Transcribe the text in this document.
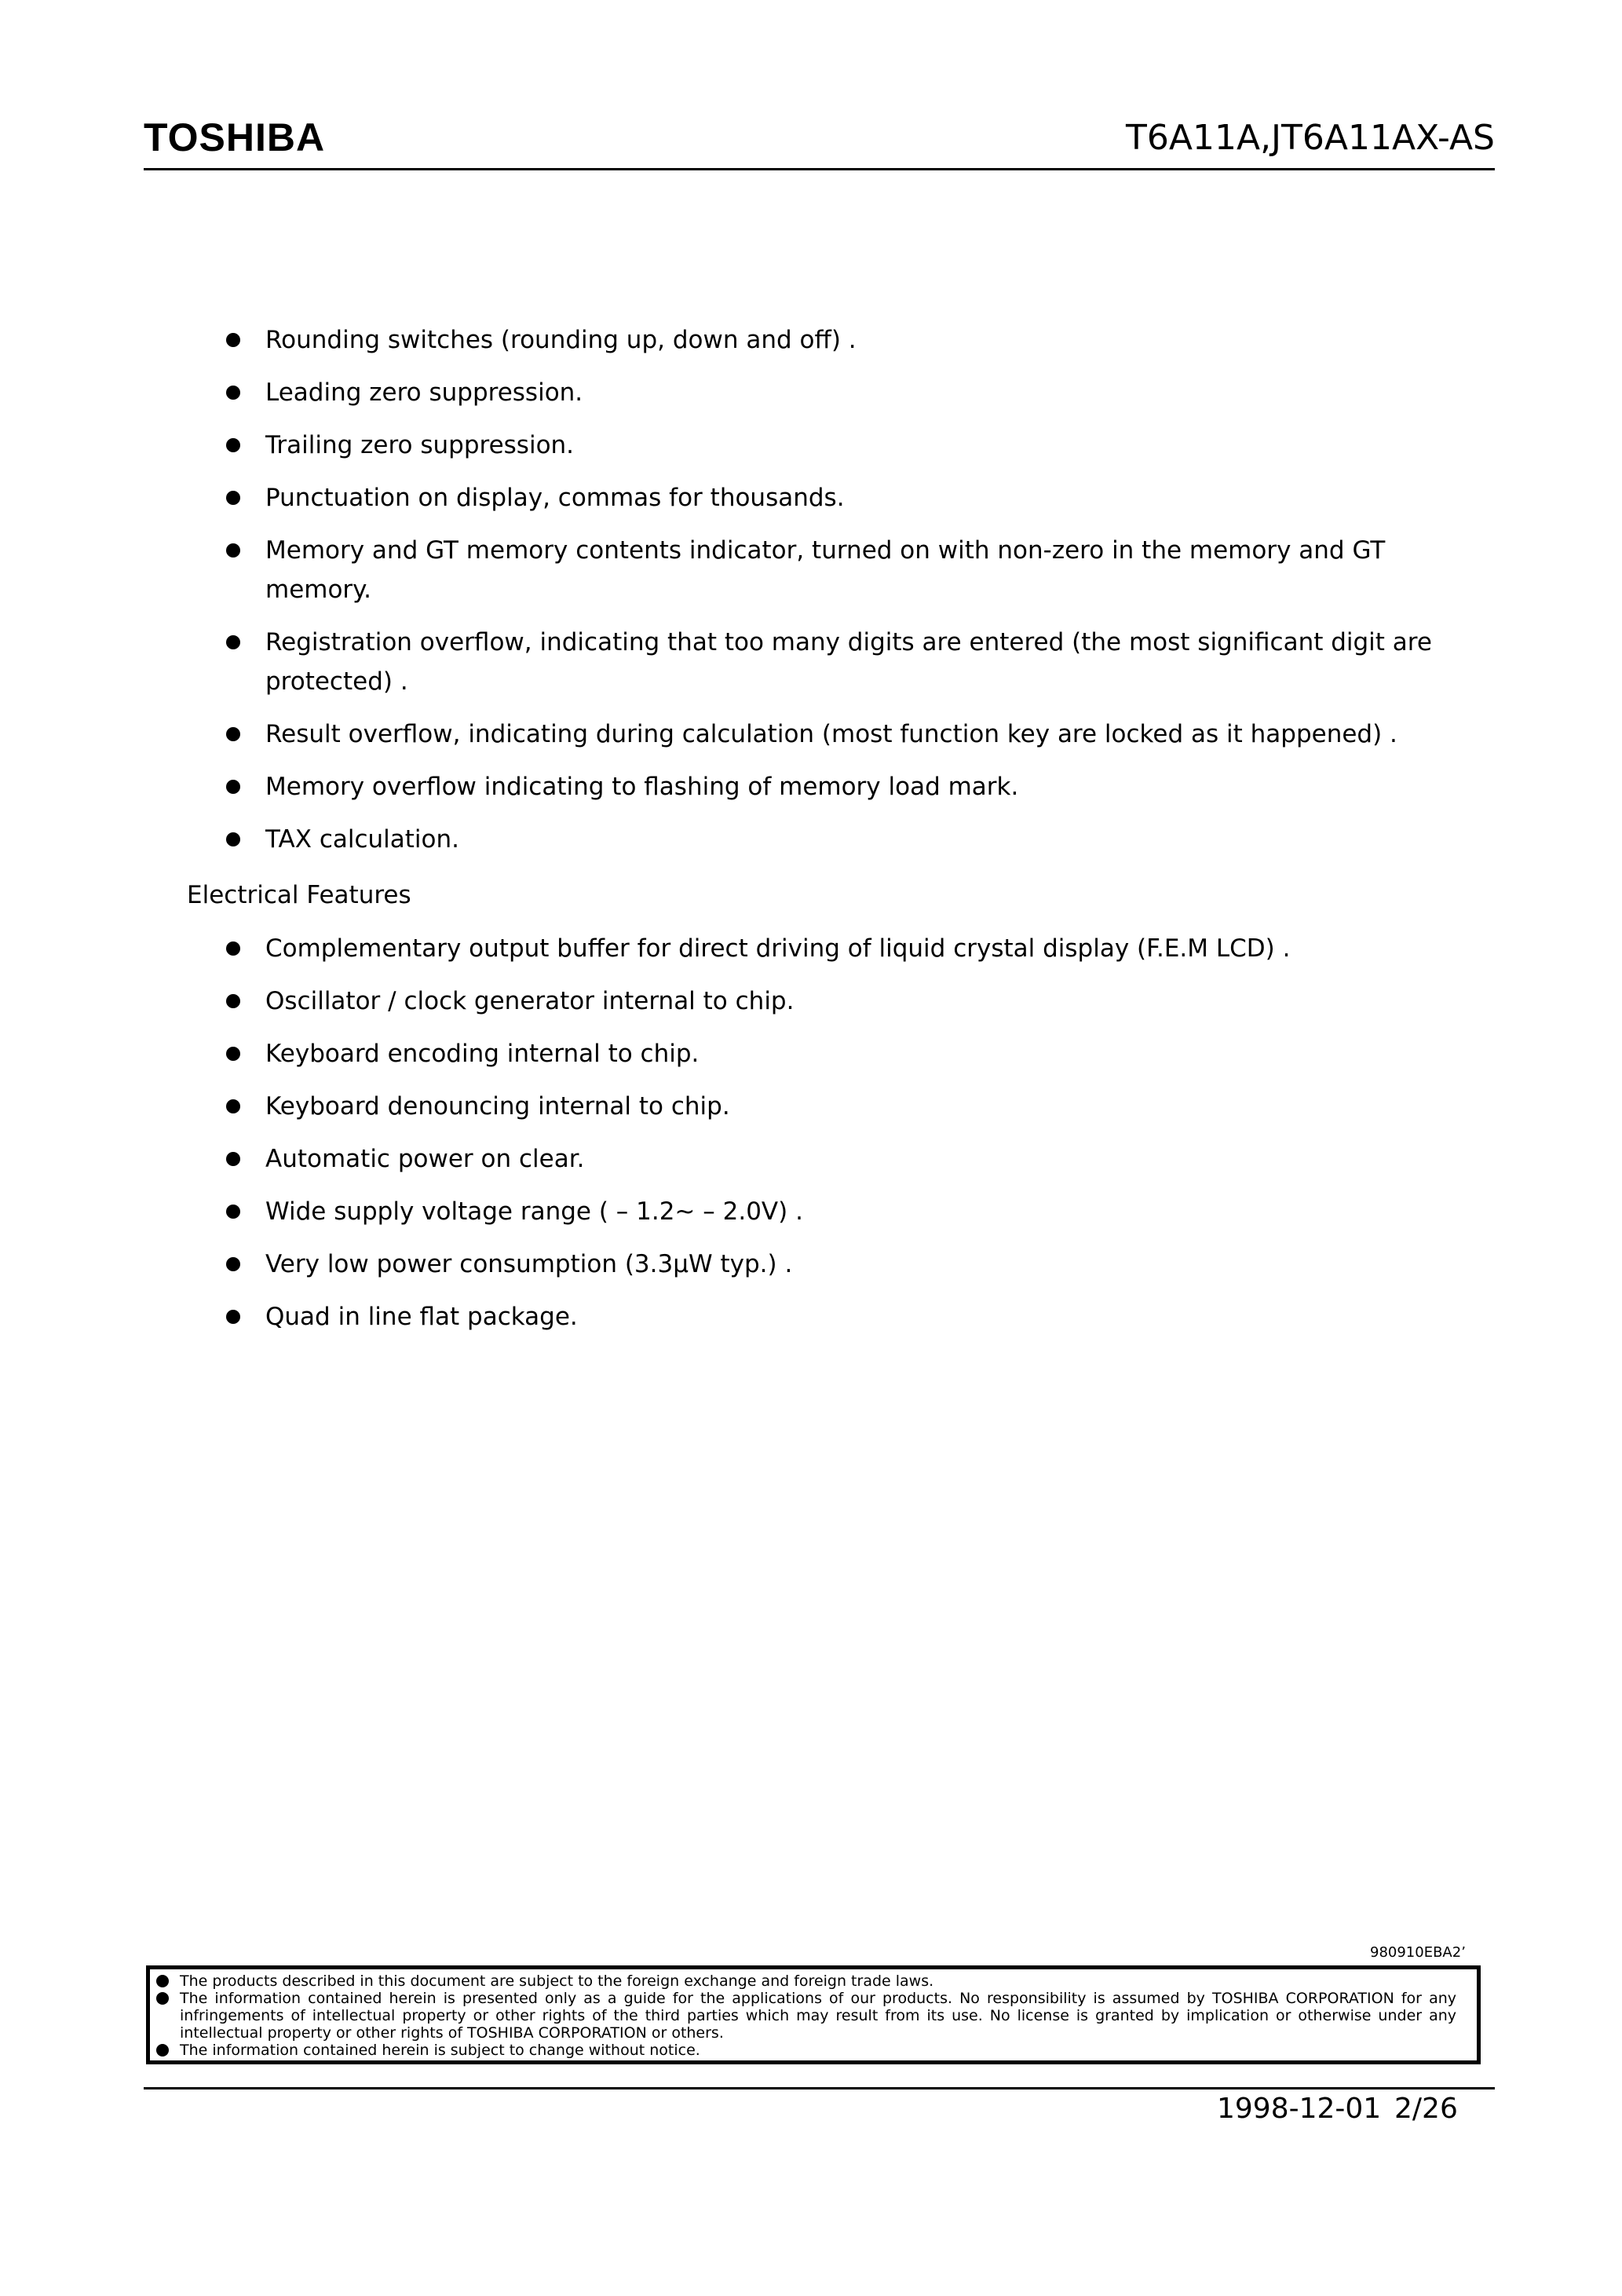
TOSHIBA	T6A11A,JT6A11AX-AS
Rounding switches (rounding up, down and off) .
Leading zero suppression.
Trailing zero suppression.
Punctuation on display, commas for thousands.
Memory and GT memory contents indicator, turned on with non-zero in the memory and GT memory.
Registration overflow, indicating that too many digits are entered (the most significant digit are protected) .
Result overflow, indicating during calculation (most function key are locked as it happened) .
Memory overflow indicating to flashing of memory load mark.
TAX calculation.
Electrical Features
Complementary output buffer for direct driving of liquid crystal display (F.E.M LCD) .
Oscillator / clock generator internal to chip.
Keyboard encoding internal to chip.
Keyboard denouncing internal to chip.
Automatic power on clear.
Wide supply voltage range ( – 1.2~ – 2.0V) .
Very low power consumption (3.3μW typ.) .
Quad in line flat package.
980910EBA2’
The products described in this document are subject to the foreign exchange and foreign trade laws.
The information contained herein is presented only as a guide for the applications of our products. No responsibility is assumed by TOSHIBA CORPORATION for any infringements of intellectual property or other rights of the third parties which may result from its use. No license is granted by implication or otherwise under any intellectual property or other rights of TOSHIBA CORPORATION or others.
The information contained herein is subject to change without notice.
1998-12-01 2/26
